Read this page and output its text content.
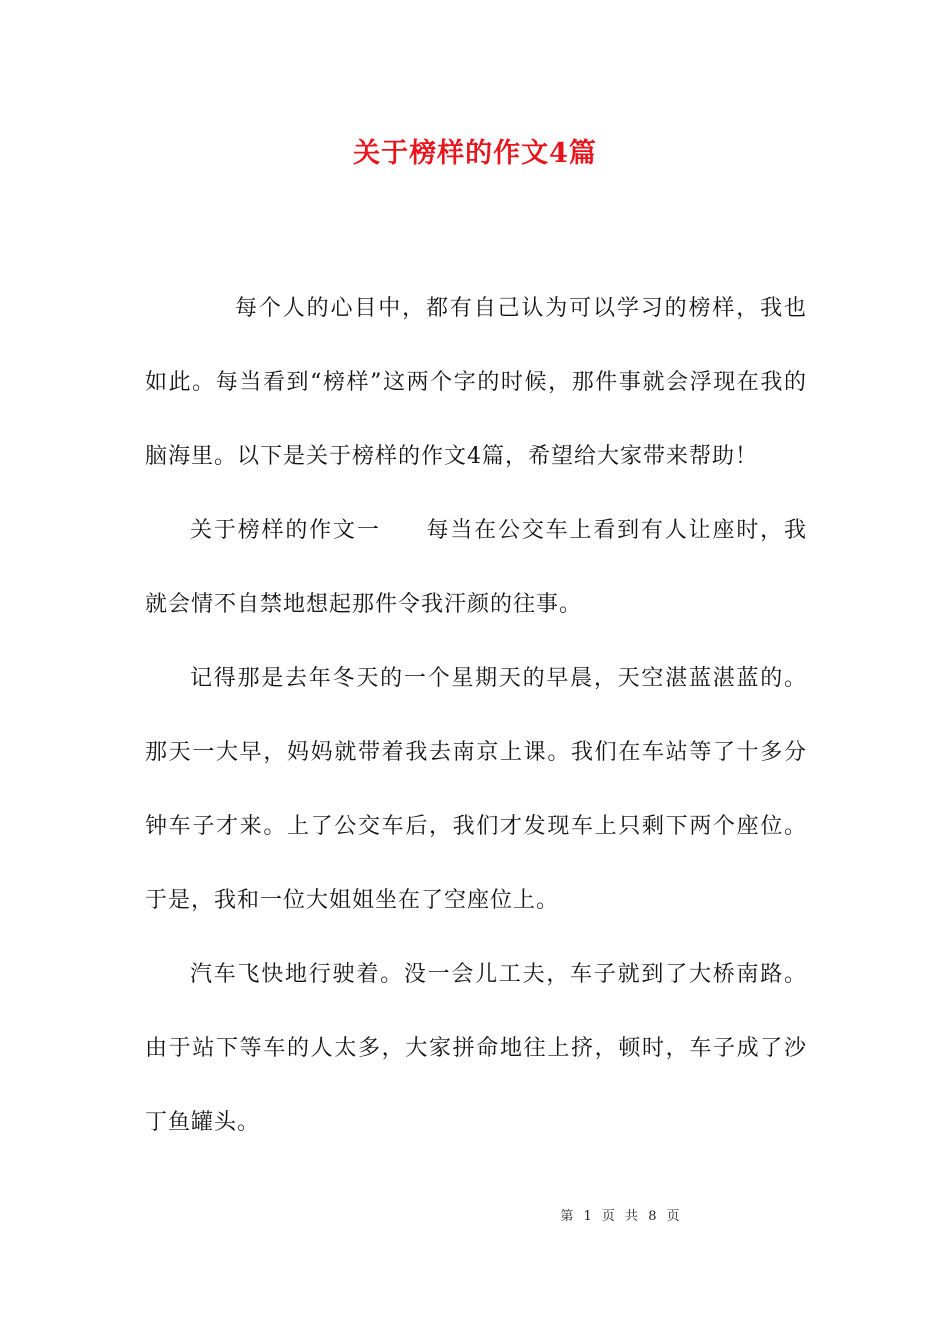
关于榜样的作文4篇

每个人的心目中，都有自己认为可以学习的榜样，我也如此。每当看到“榜样”这两个字的时候，那件事就会浮现在我的脑海里。以下是关于榜样的作文4篇，希望给大家带来帮助！

关于榜样的作文一 每当在公交车上看到有人让座时，我就会情不自禁地想起那件令我汗颜的往事。

记得那是去年冬天的一个星期天的早晨，天空湛蓝湛蓝的。那天一大早，妈妈就带着我去南京上课。我们在车站等了十多分钟车子才来。上了公交车后，我们才发现车上只剩下两个座位。于是，我和一位大姐姐坐在了空座位上。

汽车飞快地行驶着。没一会儿工夫，车子就到了大桥南路。由于站下等车的人太多，大家拼命地往上挤，顿时，车子成了沙丁鱼罐头。

第 1 页 共 8 页
